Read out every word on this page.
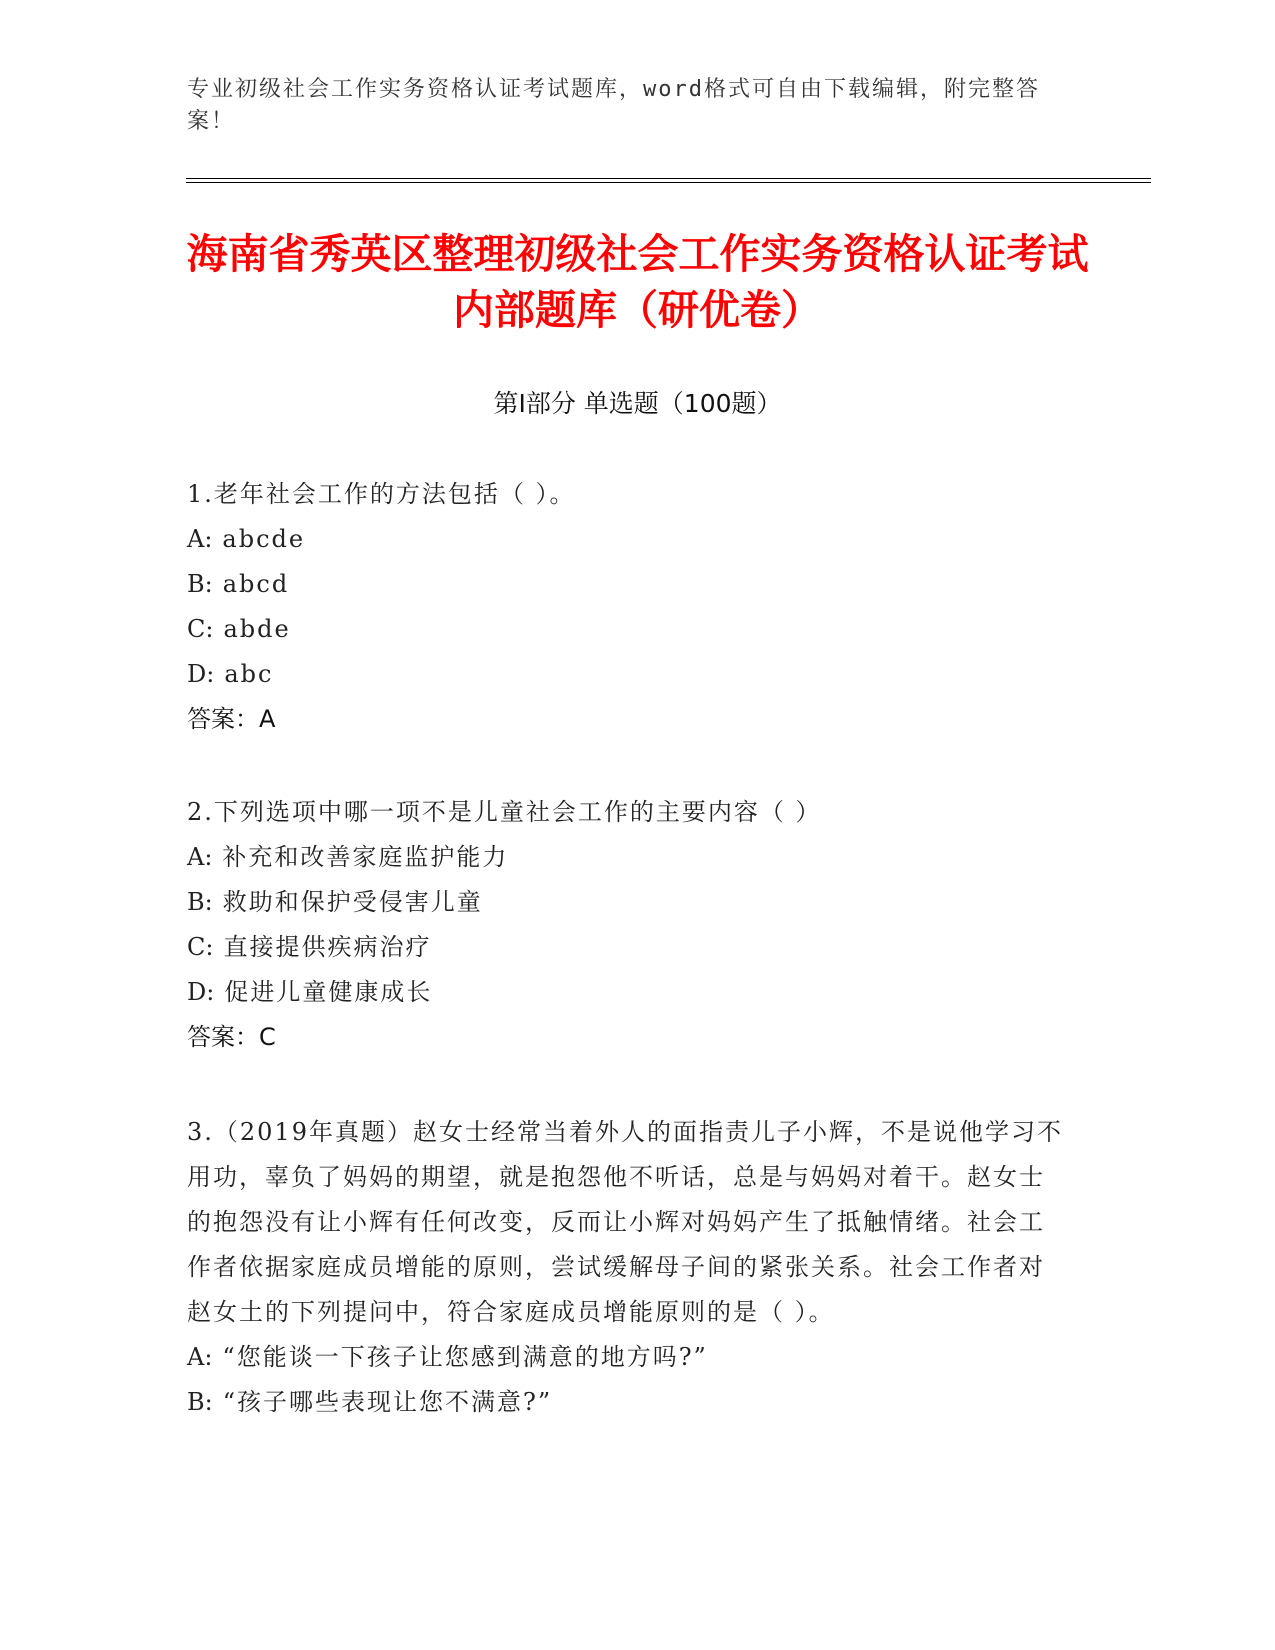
专业初级社会工作实务资格认证考试题库，word格式可自由下载编辑，附完整答案！
海南省秀英区整理初级社会工作实务资格认证考试内部题库（研优卷）
第Ⅰ部分 单选题（100题）

1.老年社会工作的方法包括（ ）。

A: abcde

B: abcd

C: abde

D: abc

答案：A

2.下列选项中哪一项不是儿童社会工作的主要内容（ ）

A: 补充和改善家庭监护能力

B: 救助和保护受侵害儿童

C: 直接提供疾病治疗

D: 促进儿童健康成长

答案：C

3.（2019年真题）赵女士经常当着外人的面指责儿子小辉，不是说他学习不用功，辜负了妈妈的期望，就是抱怨他不听话，总是与妈妈对着干。赵女士的抱怨没有让小辉有任何改变，反而让小辉对妈妈产生了抵触情绪。社会工作者依据家庭成员增能的原则，尝试缓解母子间的紧张关系。社会工作者对赵女土的下列提问中，符合家庭成员增能原则的是（ ）。

A: “您能谈一下孩子让您感到满意的地方吗?”

B: “孩子哪些表现让您不满意?”
